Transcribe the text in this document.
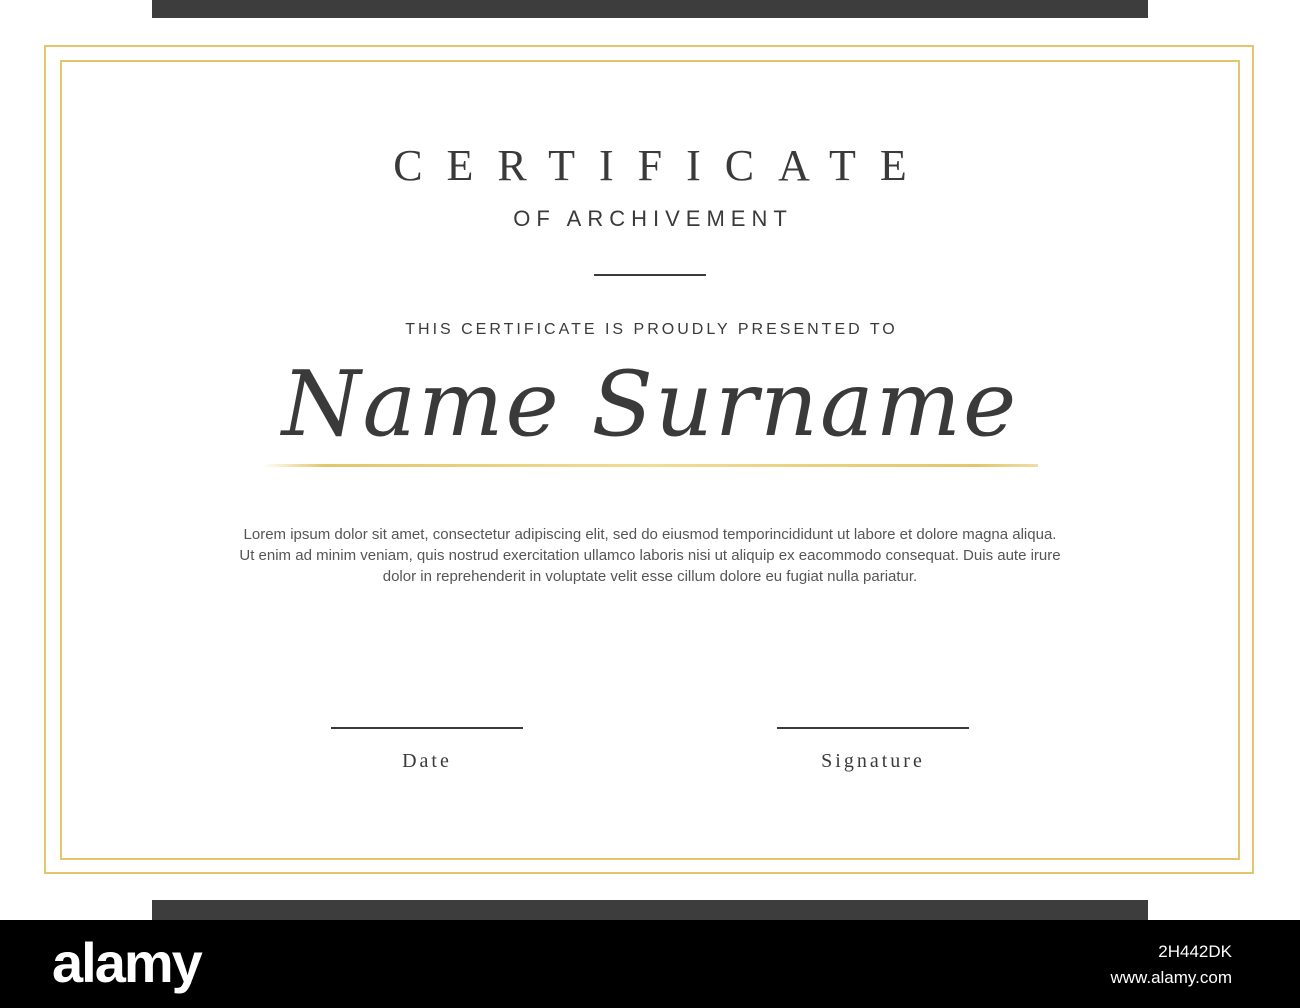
CERTIFICATE
OF ARCHIVEMENT
THIS CERTIFICATE IS PROUDLY PRESENTED TO
Name Surname
Lorem ipsum dolor sit amet, consectetur adipiscing elit, sed do eiusmod temporincididunt ut labore et dolore magna aliqua.
Ut enim ad minim veniam, quis nostrud exercitation ullamco laboris nisi ut aliquip ex eacommodo consequat. Duis aute irure
dolor in reprehenderit in voluptate velit esse cillum dolore eu fugiat nulla pariatur.
Date	Signature
alamy	2H442DK
www.alamy.com
